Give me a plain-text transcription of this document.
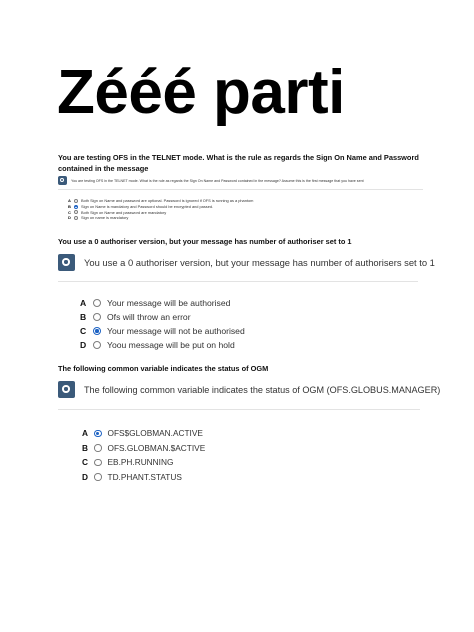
Zééé parti
You are testing OFS in the TELNET mode. What is the rule as regards the Sign On Name and Password contained in the message
You are testing OFS in the TELNET mode. What is the rule as regards the Sign On Name and Password contained in the message? Assume this is the first message that you have sent
A	Both Sign on Name and password are optional. Password is ignored if OFS is running as a phantom
B	Sign on Name is mandatory and Password should be encrypted and passed.
C	Both Sign on Name and password are mandatory
D	Sign on name is mandatory
You use a 0 authoriser version, but your message has number of authoriser set to 1
You use a 0 authoriser version, but your message has number of authorisers set to 1
A	Your message will be authorised
B	Ofs will throw an error
C	Your message will not be authorised
D	Yoou message will be put on hold
The following common variable indicates the status of OGM
The following common variable indicates the status of OGM (OFS.GLOBUS.MANAGER)
A	OFS$GLOBMAN.ACTIVE
B	OFS.GLOBMAN.$ACTIVE
C	EB.PH.RUNNING
D	TD.PHANT.STATUS
